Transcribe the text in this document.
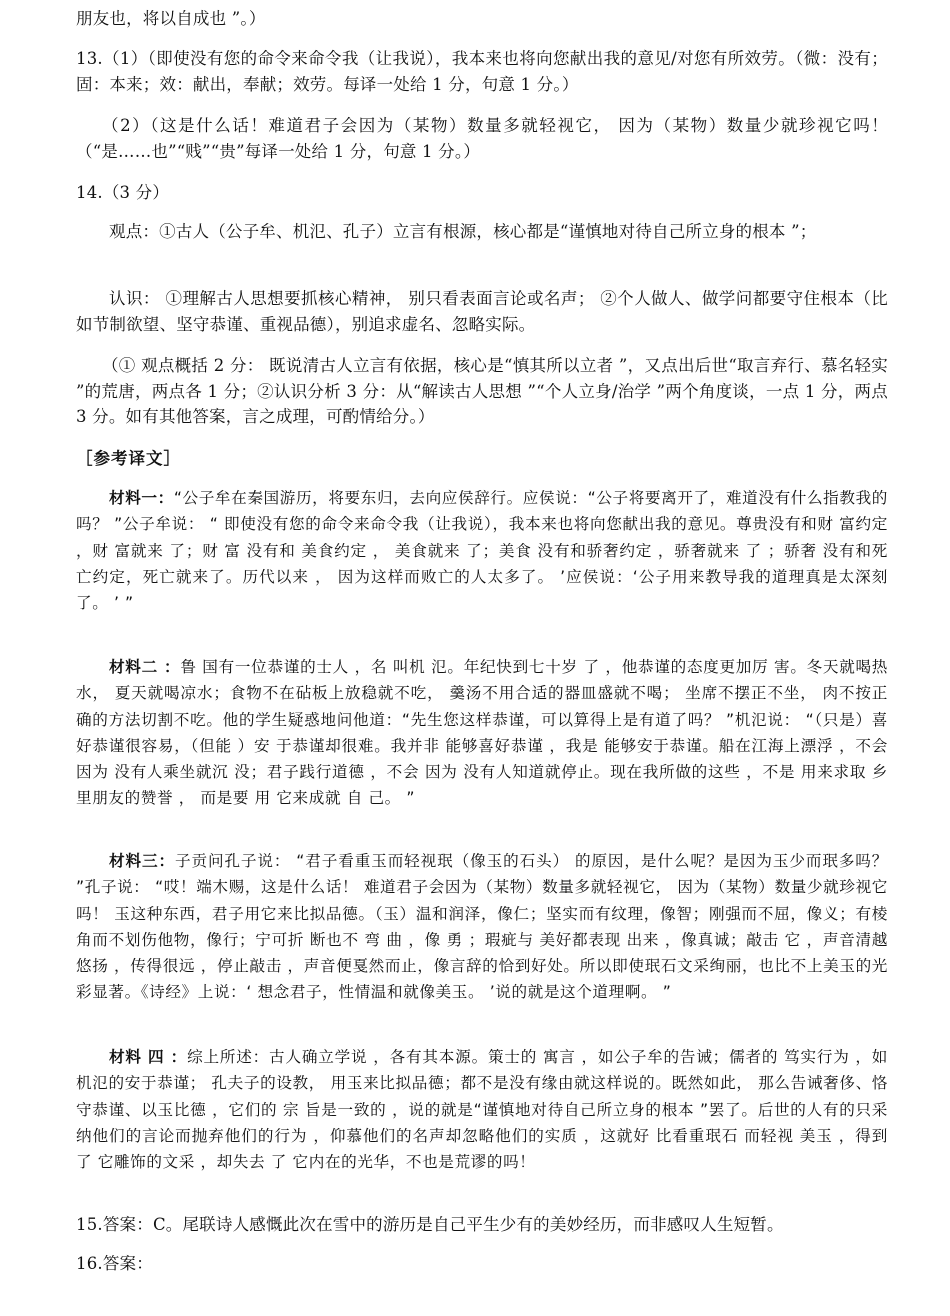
朋友也，将以自成也 ”。）

13.（1）（即使没有您的命令来命令我（让我说），我本来也将向您献出我的意见/对您有所效劳。（微：没有； 固：本来；效：献出，奉献；效劳。每译一处给 1 分，句意 1 分。）

（2）（这是什么话！难道君子会因为（某物）数量多就轻视它， 因为（某物）数量少就珍视它吗！ （“是……也”“贱”“贵”每译一处给 1 分，句意 1 分。）

14.（3 分）

观点：①古人（公子牟、机氾、孔子）立言有根源，核心都是“谨慎地对待自己所立身的根本 ”；

认识： ①理解古人思想要抓核心精神， 别只看表面言论或名声； ②个人做人、做学问都要守住根本（比如节制欲望、坚守恭谨、重视品德），别追求虚名、忽略实际。

（① 观点概括 2 分： 既说清古人立言有依据，核心是“慎其所以立者 ”，又点出后世“取言弃行、慕名轻实 ”的荒唐，两点各 1 分；②认识分析 3 分：从“解读古人思想 ”“个人立身/治学 ”两个角度谈，一点 1 分，两点 3 分。如有其他答案，言之成理，可酌情给分。）

［参考译文］

材料一：“公子牟在秦国游历，将要东归，去向应侯辞行。应侯说：“公子将要离开了，难道没有什么指教我的吗？ ”公子牟说： “ 即使没有您的命令来命令我（让我说），我本来也将向您献出我的意见。尊贵没有和财 富约定 ，财 富就来 了；财 富 没有和 美食约定 ， 美食就来 了；美食 没有和骄奢约定 ，骄奢就来 了 ；骄奢 没有和死亡约定，死亡就来了。历代以来 ， 因为这样而败亡的人太多了。 ’应侯说：‘公子用来教导我的道理真是太深刻了。 ’ ”

材料二 ：鲁 国有一位恭谨的士人 ，名 叫机 氾。年纪快到七十岁 了 ，他恭谨的态度更加厉 害。冬天就喝热水， 夏天就喝凉水；食物不在砧板上放稳就不吃， 羹汤不用合适的器皿盛就不喝； 坐席不摆正不坐， 肉不按正确的方法切割不吃。他的学生疑惑地问他道：“先生您这样恭谨，可以算得上是有道了吗？ ”机氾说： “（只是）喜好恭谨很容易，（但能 ）安 于恭谨却很难。我并非 能够喜好恭谨 ，我是 能够安于恭谨。船在江海上漂浮 ，不会 因为 没有人乘坐就沉 没；君子践行道德 ，不会 因为 没有人知道就停止。现在我所做的这些 ，不是 用来求取 乡里朋友的赞誉 ， 而是要 用 它来成就 自 己。 ”

材料三：子贡问孔子说： “君子看重玉而轻视珉（像玉的石头） 的原因，是什么呢？是因为玉少而珉多吗？ ”孔子说： “哎！端木赐，这是什么话！ 难道君子会因为（某物）数量多就轻视它， 因为（某物）数量少就珍视它吗！ 玉这种东西，君子用它来比拟品德。（玉）温和润泽，像仁；坚实而有纹理，像智；刚强而不屈，像义；有棱角而不划伤他物，像行；宁可折 断也不 弯 曲 ，像 勇 ；瑕疵与 美好都表现 出来 ，像真诚；敲击 它 ，声音清越悠扬 ，传得很远 ，停止敲击 ，声音便戛然而止，像言辞的恰到好处。所以即使珉石文采绚丽，也比不上美玉的光彩显著。《诗经》上说：‘ 想念君子，性情温和就像美玉。 ’说的就是这个道理啊。 ”

材料 四 ：综上所述：古人确立学说 ，各有其本源。策士的 寓言 ，如公子牟的告诫；儒者的 笃实行为 ，如机氾的安于恭谨； 孔夫子的设教， 用玉来比拟品德；都不是没有缘由就这样说的。既然如此， 那么告诫奢侈、恪守恭谨、以玉比德 ，它们的 宗 旨是一致的 ，说的就是“谨慎地对待自己所立身的根本 ”罢了。后世的人有的只采纳他们的言论而抛弃他们的行为 ，仰慕他们的名声却忽略他们的实质 ，这就好 比看重珉石 而轻视 美玉 ，得到 了 它雕饰的文采 ，却失去 了 它内在的光华，不也是荒谬的吗！

15.答案：C。尾联诗人感慨此次在雪中的游历是自己平生少有的美妙经历，而非感叹人生短暂。

16.答案：
